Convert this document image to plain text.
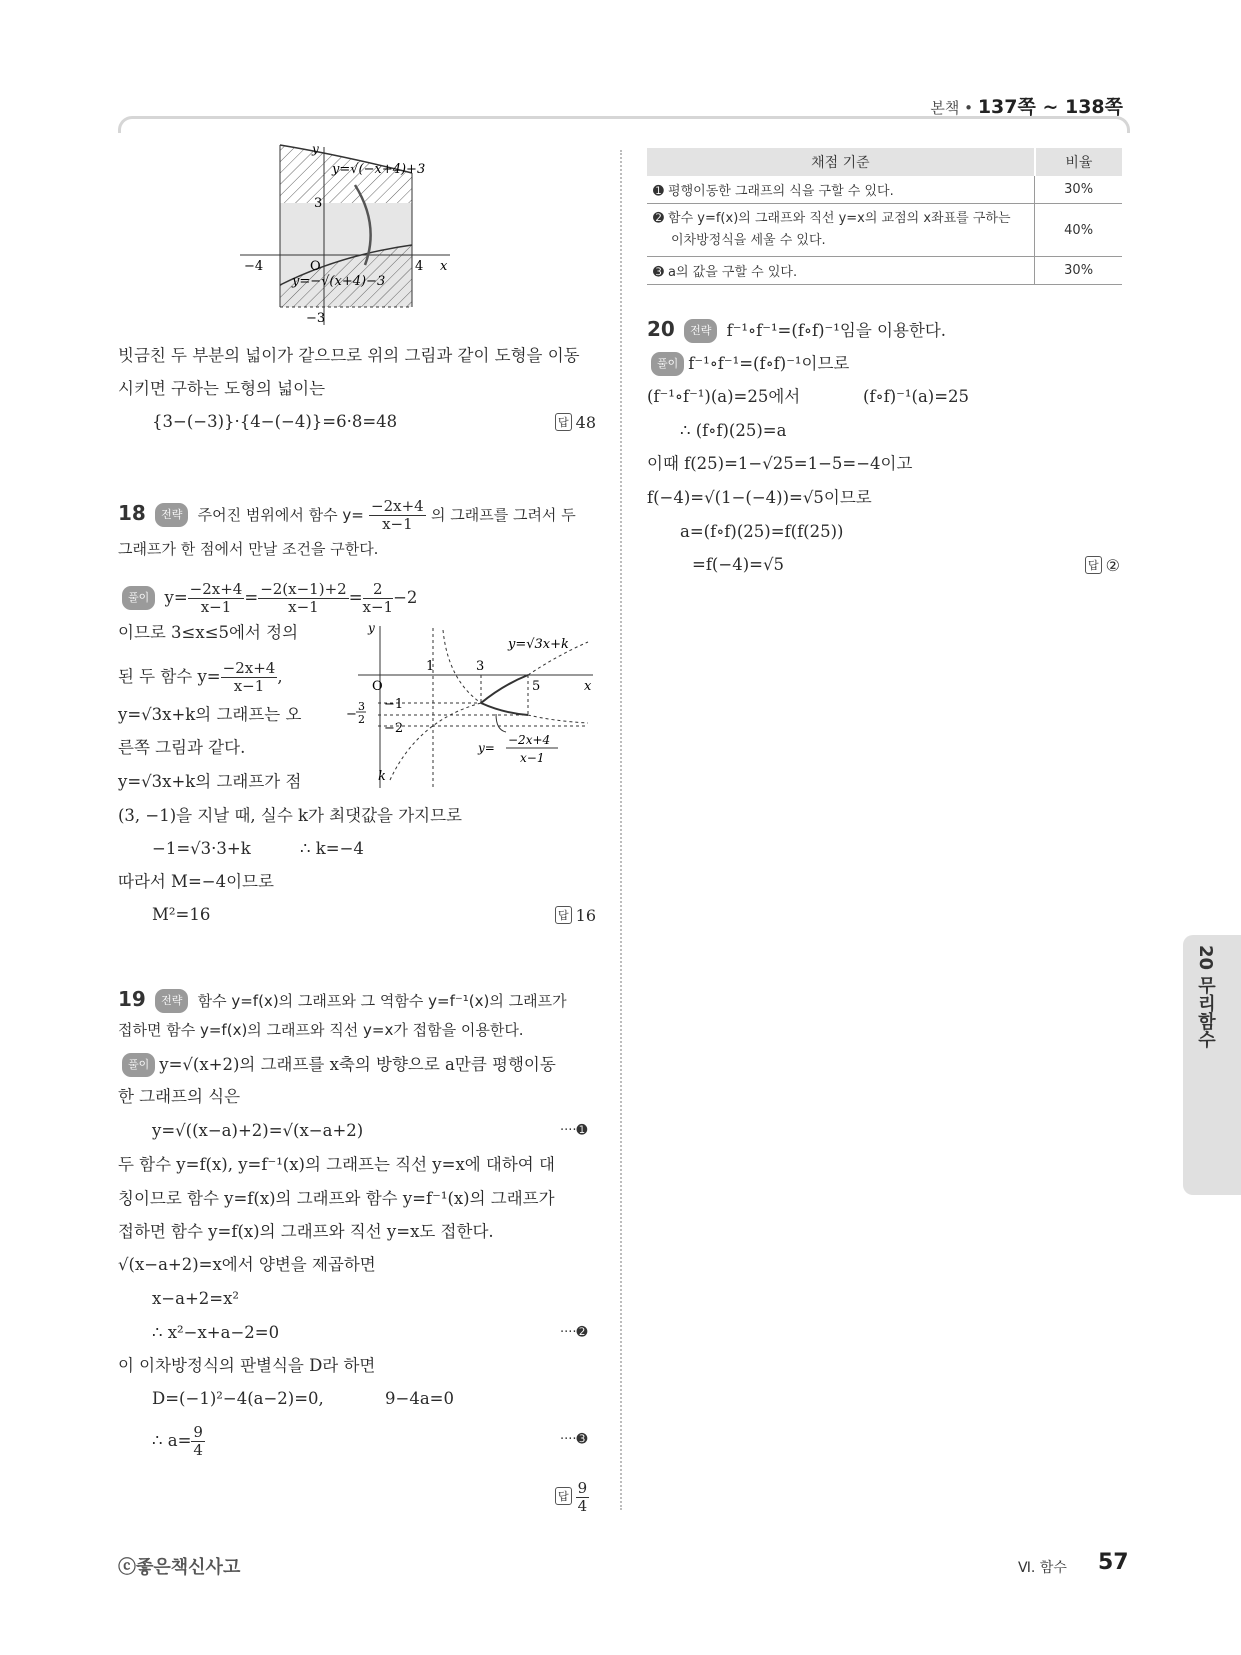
본책 • 137쪽 ~ 138쪽
y=√(−x+4)+3
y=−√(x+4)−3
y
x
O
−4	4
3
−3
빗금친 두 부분의 넓이가 같으므로 위의 그림과 같이 도형을 이동
시키면 구하는 도형의 넓이는
{3−(−3)}·{4−(−4)}=6·8=48	답 48
18 전략 주어진 범위에서 함수 $y= \frac{-2x+4}{x-1}$ 의 그래프를 그려서 두
그래프가 한 점에서 만날 조건을 구한다.
풀이 $y= \frac{-2x+4}{x-1} = \frac{-2(x-1)+2}{x-1} = \frac{2}{x-1} -2$
이므로 3≤x≤5에서 정의
된 두 함수 $y= \frac{-2x+4}{x-1}$ ,
y=√3x+k의 그래프는 오
른쪽 그림과 같다.
y=√3x+k의 그래프가 점
(3, −1)을 지날 때, 실수 k가 최댓값을 가지므로
−1=√3·3+k	∴ k=−4
따라서 M=−4이므로
M²=16	답 16
y
x
O
y=√3x+k
1	3
5
−1
−2
−
3
2
k
y=
−2x+4
x−1
19 전략 함수 y=f(x)의 그래프와 그 역함수 y=f⁻¹(x)의 그래프가
접하면 함수 y=f(x)의 그래프와 직선 y=x가 접함을 이용한다.
풀이 y=√(x+2)의 그래프를 x축의 방향으로 a만큼 평행이동
한 그래프의 식은
y=√((x−a)+2)=√(x−a+2)	····➊
두 함수 y=f(x), y=f⁻¹(x)의 그래프는 직선 y=x에 대하여 대
칭이므로 함수 y=f(x)의 그래프와 함수 y=f⁻¹(x)의 그래프가
접하면 함수 y=f(x)의 그래프와 직선 y=x도 접한다.
√(x−a+2)=x에서 양변을 제곱하면
x−a+2=x²
∴ x²−x+a−2=0	····➋
이 이차방정식의 판별식을 D라 하면
D=(−1)²−4(a−2)=0,	9−4a=0
∴ $a= \frac{9}{4}$	····➌
답 $\frac{9}{4}$
채점 기준	비율
➊ 평행이동한 그래프의 식을 구할 수 있다.	30%

➋ 함수 y=f(x)의 그래프와 직선 y=x의 교점의 x좌표를 구하는
이차방정식을 세울 수 있다.	40%
➌ a의 값을 구할 수 있다.	30%
20 전략 f⁻¹∘f⁻¹=(f∘f)⁻¹임을 이용한다.
풀이 f⁻¹∘f⁻¹=(f∘f)⁻¹이므로
(f⁻¹∘f⁻¹)(a)=25에서	(f∘f)⁻¹(a)=25
∴ (f∘f)(25)=a
이때 f(25)=1−√25=1−5=−4이고
f(−4)=√(1−(−4))=√5이므로
a=(f∘f)(25)=f(f(25))
=f(−4)=√5	답 ②
20 무리함수
ⓒ좋은책신사고	Ⅵ. 함수 57
